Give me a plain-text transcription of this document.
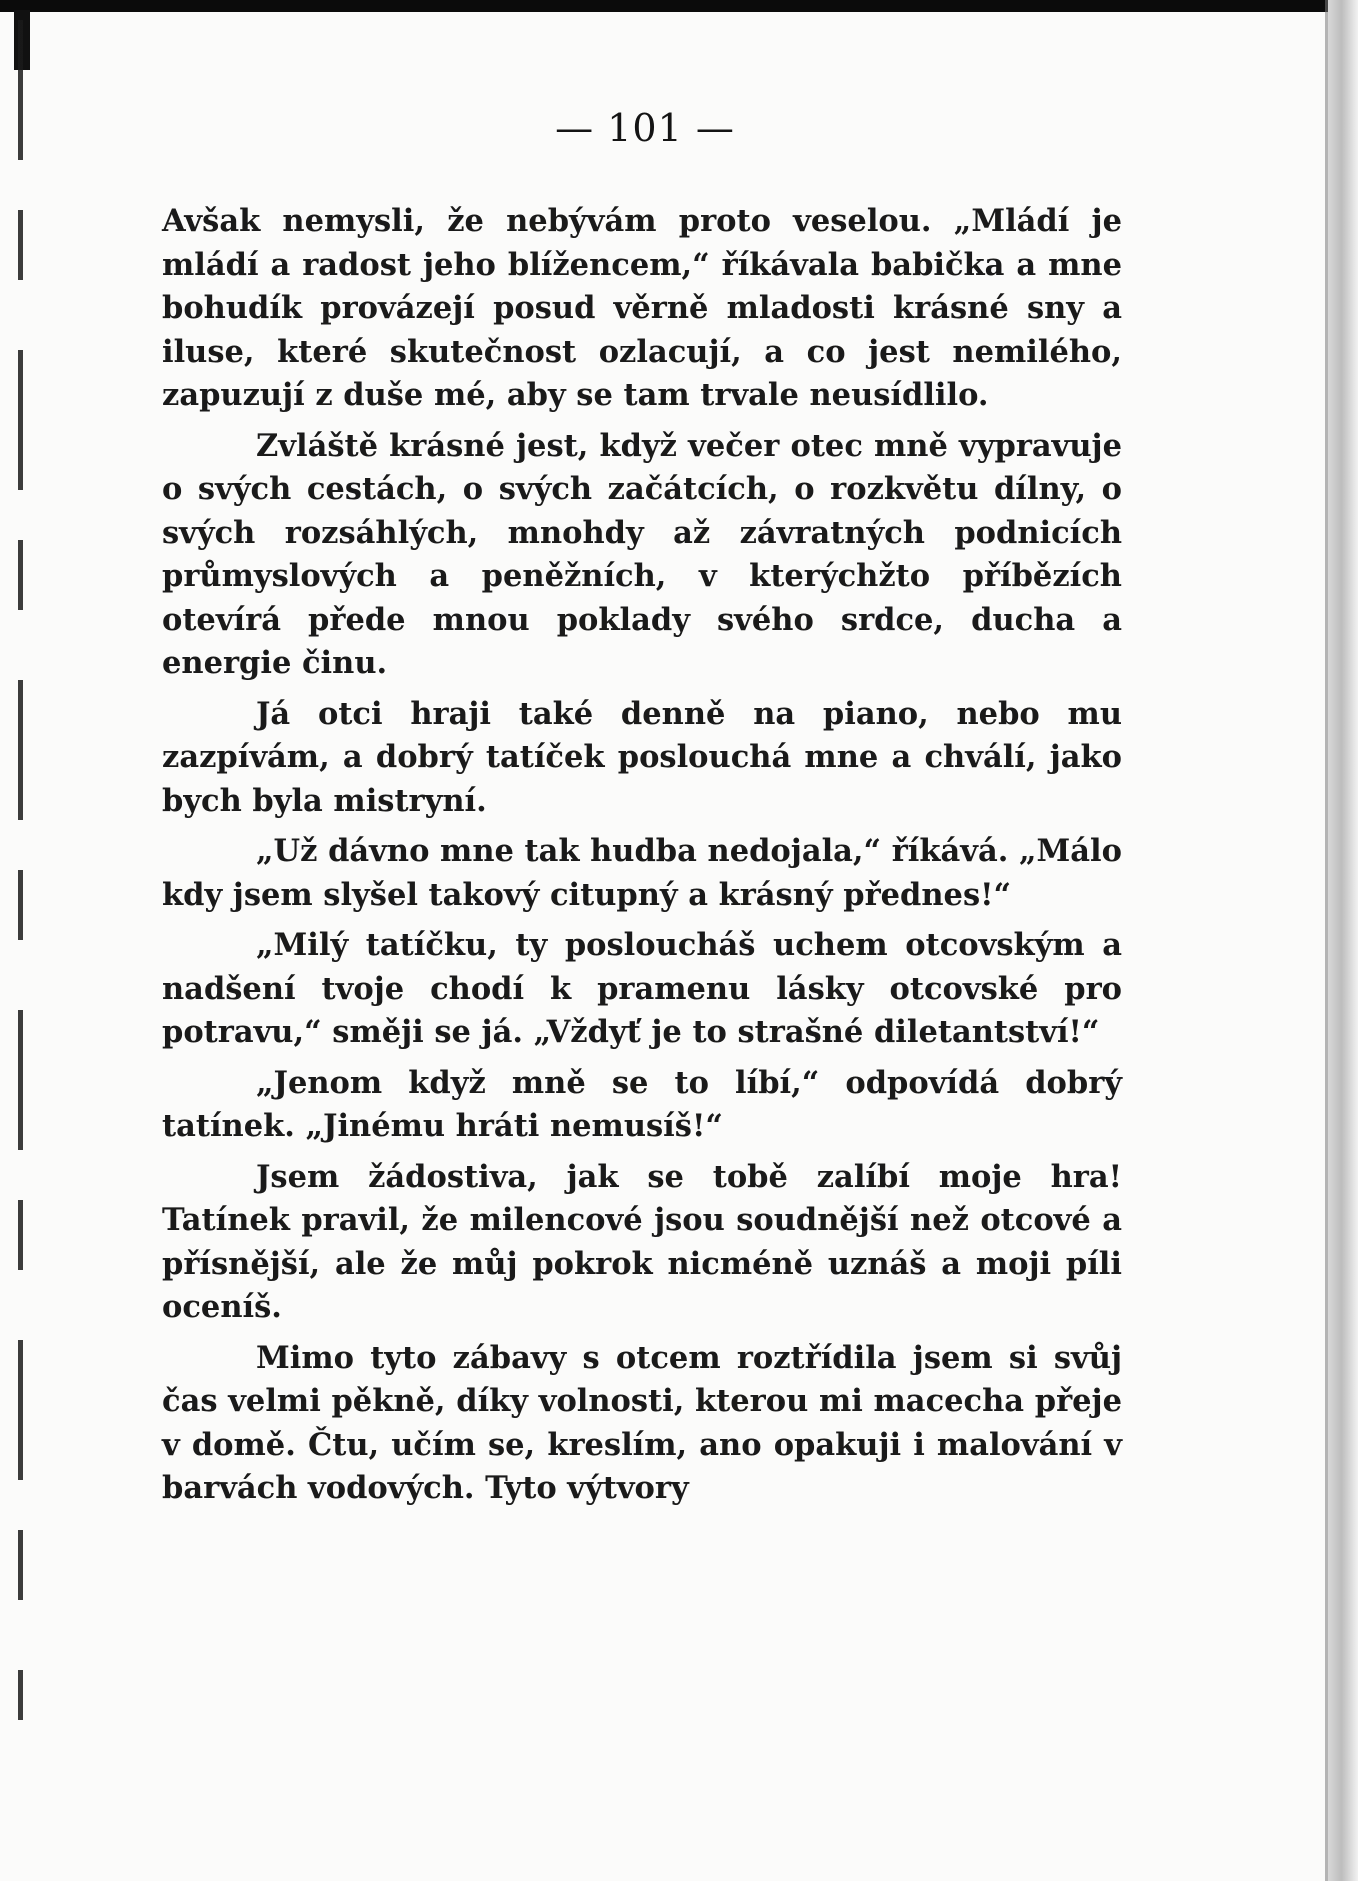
— 101 —

Avšak nemysli, že nebývám proto veselou. „Mládí je mládí a radost jeho blížencem,“ říkávala babička a mne bohudík provázejí posud věrně mladosti krásné sny a iluse, které skutečnost ozlacují, a co jest nemilého, zapuzují z duše mé, aby se tam trvale neusídlilo.

Zvláště krásné jest, když večer otec mně vypravuje o svých cestách, o svých začátcích, o rozkvětu dílny, o svých rozsáhlých, mnohdy až závratných podnicích průmyslových a peněžních, v kterýchžto příbězích otevírá přede mnou poklady svého srdce, ducha a energie činu.

Já otci hraji také denně na piano, nebo mu zazpívám, a dobrý tatíček poslouchá mne a chválí, jako bych byla mistryní.

„Už dávno mne tak hudba nedojala,“ říkává. „Málo kdy jsem slyšel takový citupný a krásný přednes!“

„Milý tatíčku, ty posloucháš uchem otcovským a nadšení tvoje chodí k pramenu lásky otcovské pro potravu,“ směji se já. „Vždyť je to strašné diletantství!“

„Jenom když mně se to líbí,“ odpovídá dobrý tatínek. „Jinému hráti nemusíš!“

Jsem žádostiva, jak se tobě zalíbí moje hra! Tatínek pravil, že milencové jsou soudnější než otcové a přísnější, ale že můj pokrok nicméně uznáš a moji píli oceníš.

Mimo tyto zábavy s otcem roztřídila jsem si svůj čas velmi pěkně, díky volnosti, kterou mi macecha přeje v domě. Čtu, učím se, kreslím, ano opakuji i malování v barvách vodových. Tyto výtvory
